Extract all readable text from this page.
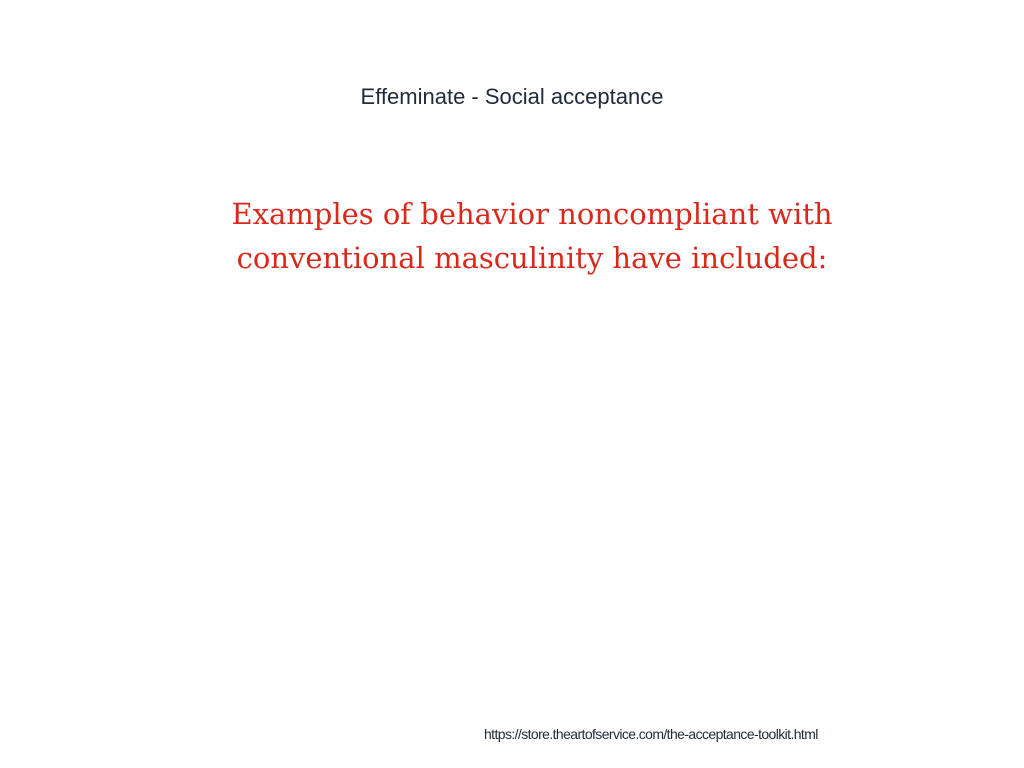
Effeminate - Social acceptance
Examples of behavior noncompliant with
conventional masculinity have included:
https://store.theartofservice.com/the-acceptance-toolkit.html
